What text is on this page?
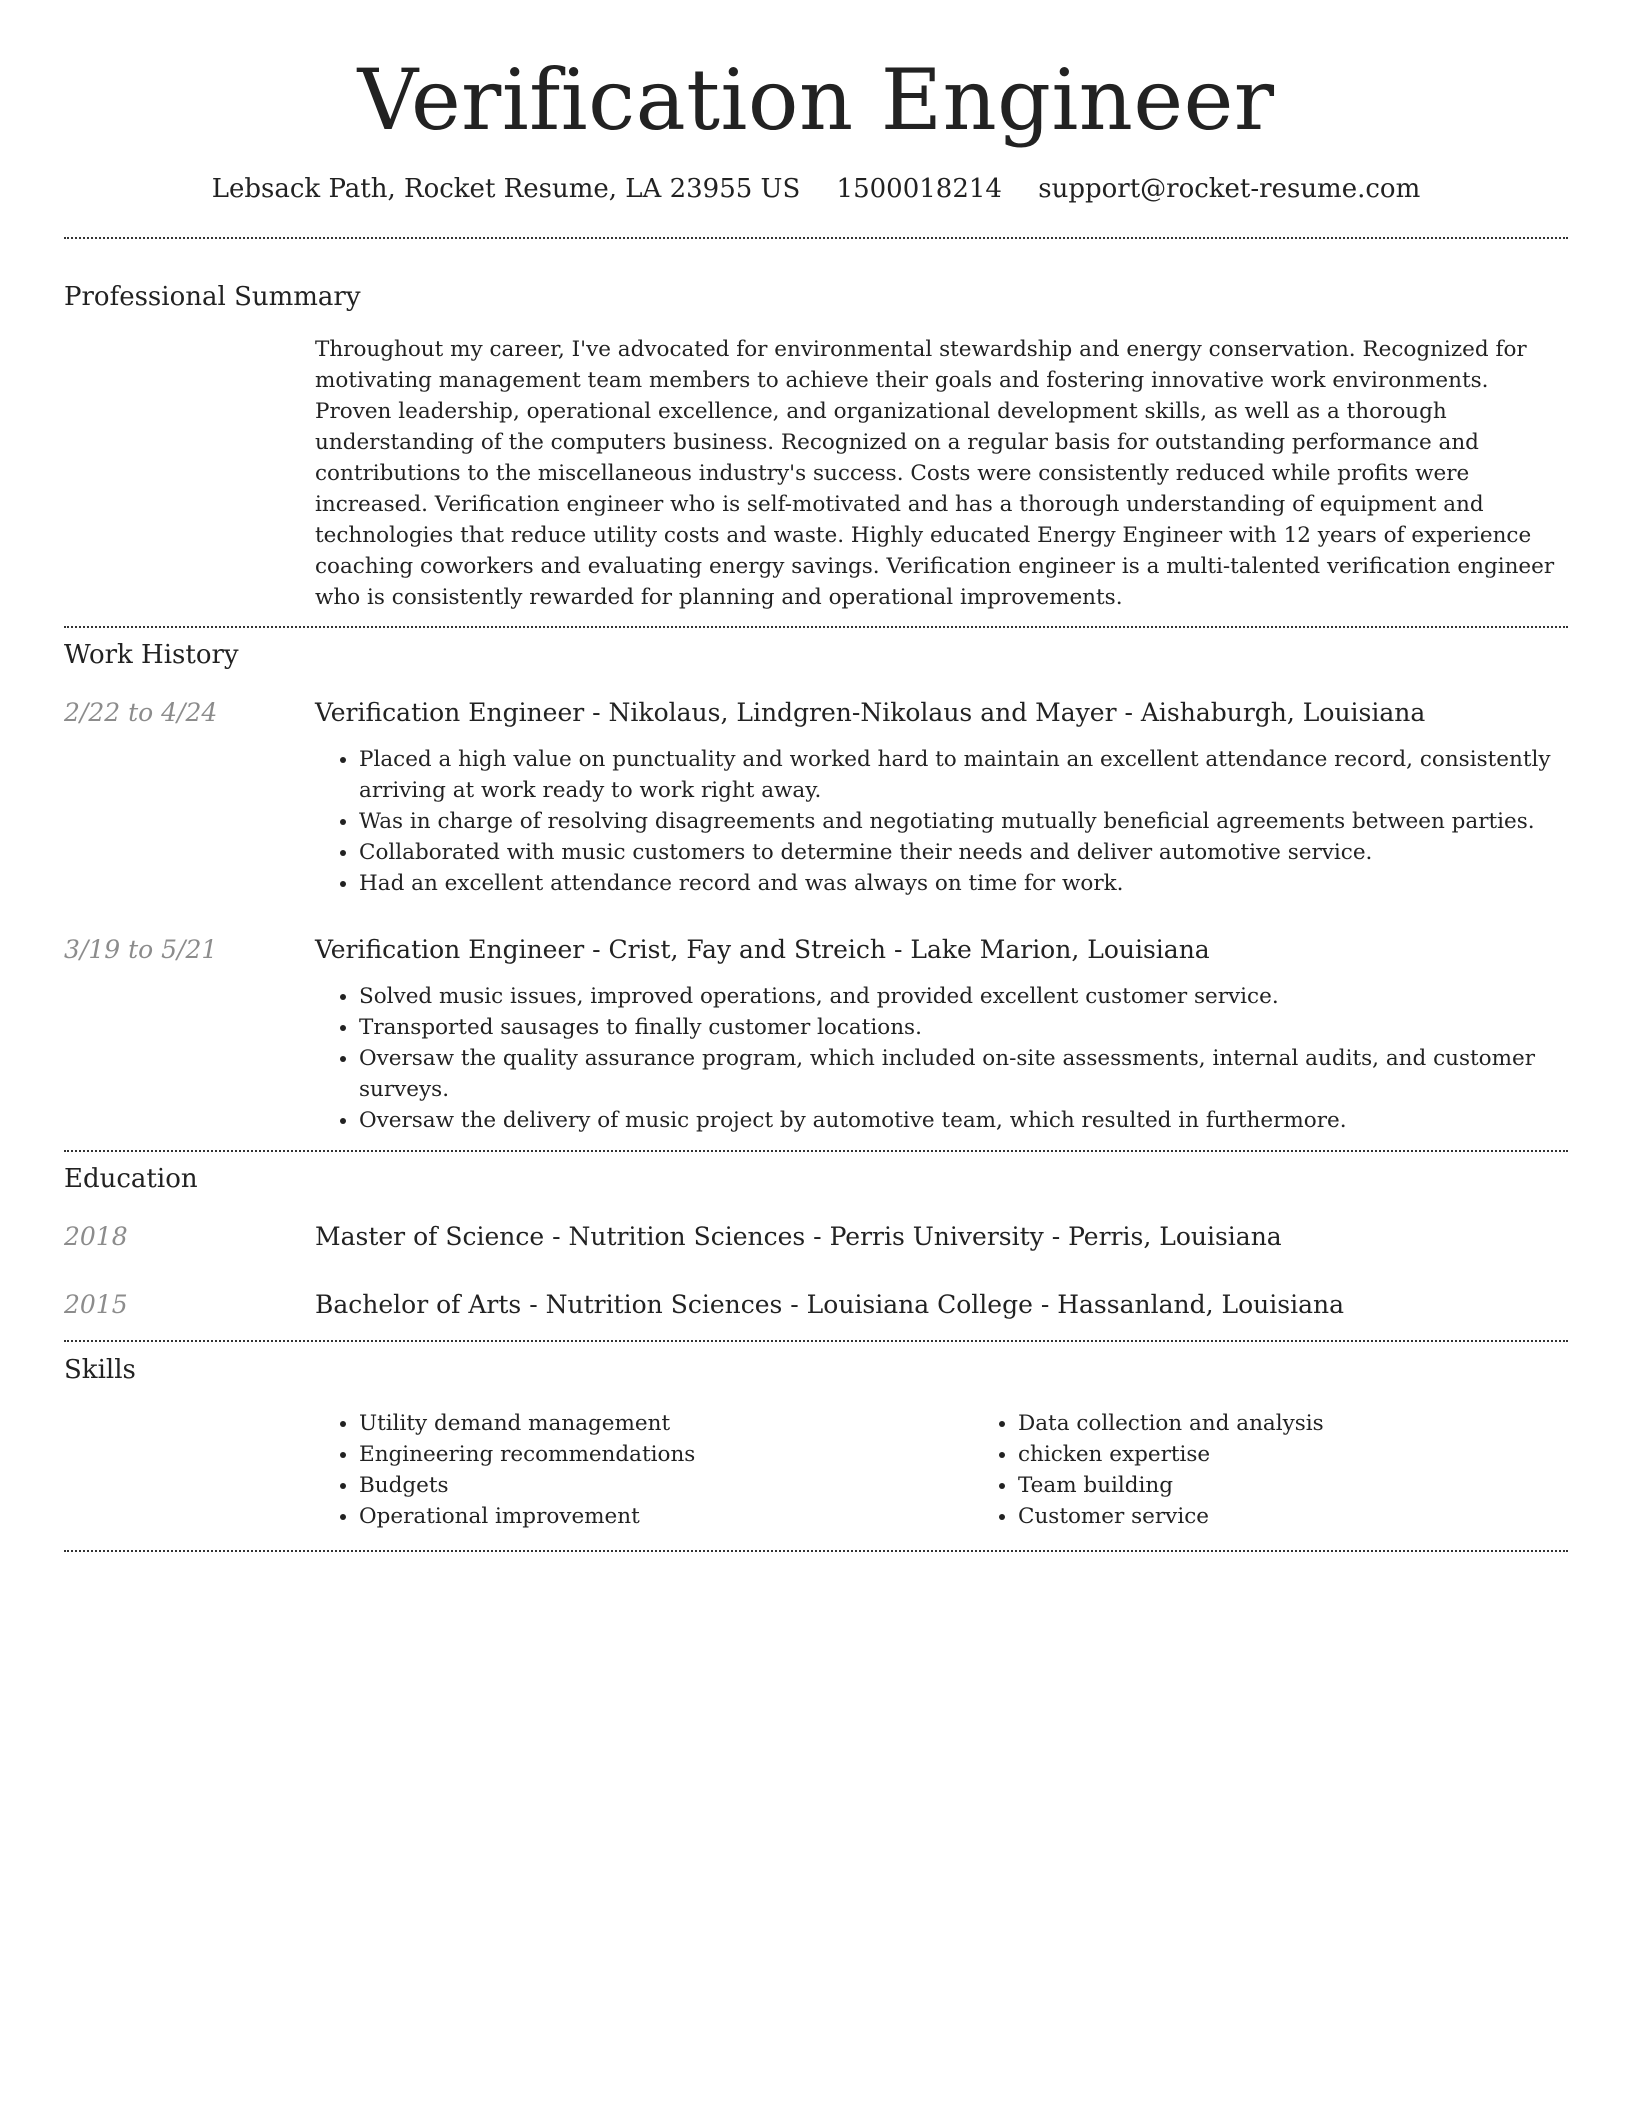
Verification Engineer
Lebsack Path, Rocket Resume, LA 23955 US 1500018214 support@rocket-resume.com
Professional Summary

Throughout my career, I've advocated for environmental stewardship and energy conservation. Recognized for motivating management team members to achieve their goals and fostering innovative work environments. Proven leadership, operational excellence, and organizational development skills, as well as a thorough understanding of the computers business. Recognized on a regular basis for outstanding performance and contributions to the miscellaneous industry's success. Costs were consistently reduced while profits were increased. Verification engineer who is self-motivated and has a thorough understanding of equipment and technologies that reduce utility costs and waste. Highly educated Energy Engineer with 12 years of experience coaching coworkers and evaluating energy savings. Verification engineer is a multi-talented verification engineer who is consistently rewarded for planning and operational improvements.

Work History
2/22 to 4/24	Verification Engineer - Nikolaus, Lindgren-Nikolaus and Mayer - Aishaburgh, Louisiana
• Placed a high value on punctuality and worked hard to maintain an excellent attendance record, consistently arriving at work ready to work right away.
• Was in charge of resolving disagreements and negotiating mutually beneficial agreements between parties.
• Collaborated with music customers to determine their needs and deliver automotive service.
• Had an excellent attendance record and was always on time for work.
3/19 to 5/21	Verification Engineer - Crist, Fay and Streich - Lake Marion, Louisiana
• Solved music issues, improved operations, and provided excellent customer service.
• Transported sausages to finally customer locations.
• Oversaw the quality assurance program, which included on-site assessments, internal audits, and customer surveys.
• Oversaw the delivery of music project by automotive team, which resulted in furthermore.
Education
2018	Master of Science - Nutrition Sciences - Perris University - Perris, Louisiana
2015	Bachelor of Arts - Nutrition Sciences - Louisiana College - Hassanland, Louisiana
Skills
• Utility demand management
• Engineering recommendations
• Budgets
• Operational improvement
• Data collection and analysis
• chicken expertise
• Team building
• Customer service
